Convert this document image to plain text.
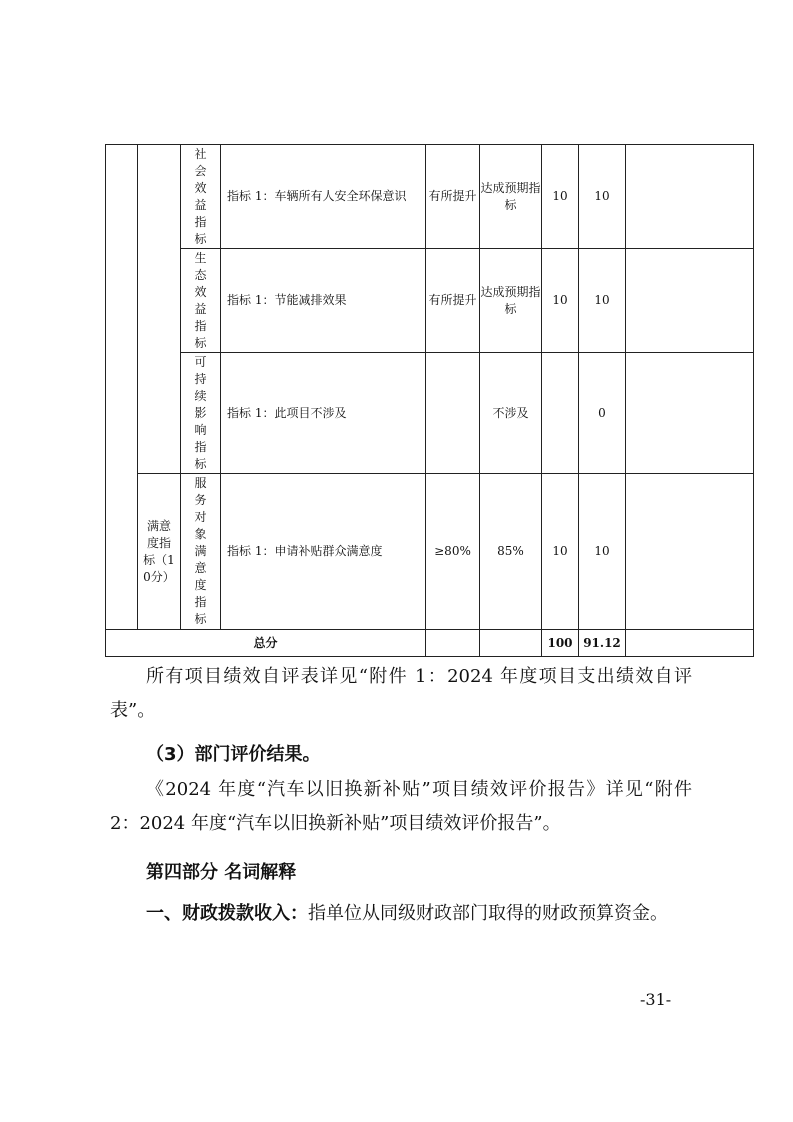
		社会效益指标	指标 1：车辆所有人安全环保意识	有所提升	达成预期指标	10	10	
		生态效益指标	指标 1：节能减排效果	有所提升	达成预期指标	10	10	
		可持续影响指标	指标 1：此项目不涉及		不涉及		0	
	满意度指标（10分）	服务对象满意度指标	指标 1：申请补贴群众满意度	≥80%	85%	10	10	
总分						100	91.12	
所有项目绩效自评表详见“附件 1：2024 年度项目支出绩效自评表”。
（3）部门评价结果。
《2024 年度“汽车以旧换新补贴”项目绩效评价报告》详见“附件 2：2024 年度“汽车以旧换新补贴”项目绩效评价报告”。
第四部分 名词解释
一、财政拨款收入：指单位从同级财政部门取得的财政预算资金。
-31-
